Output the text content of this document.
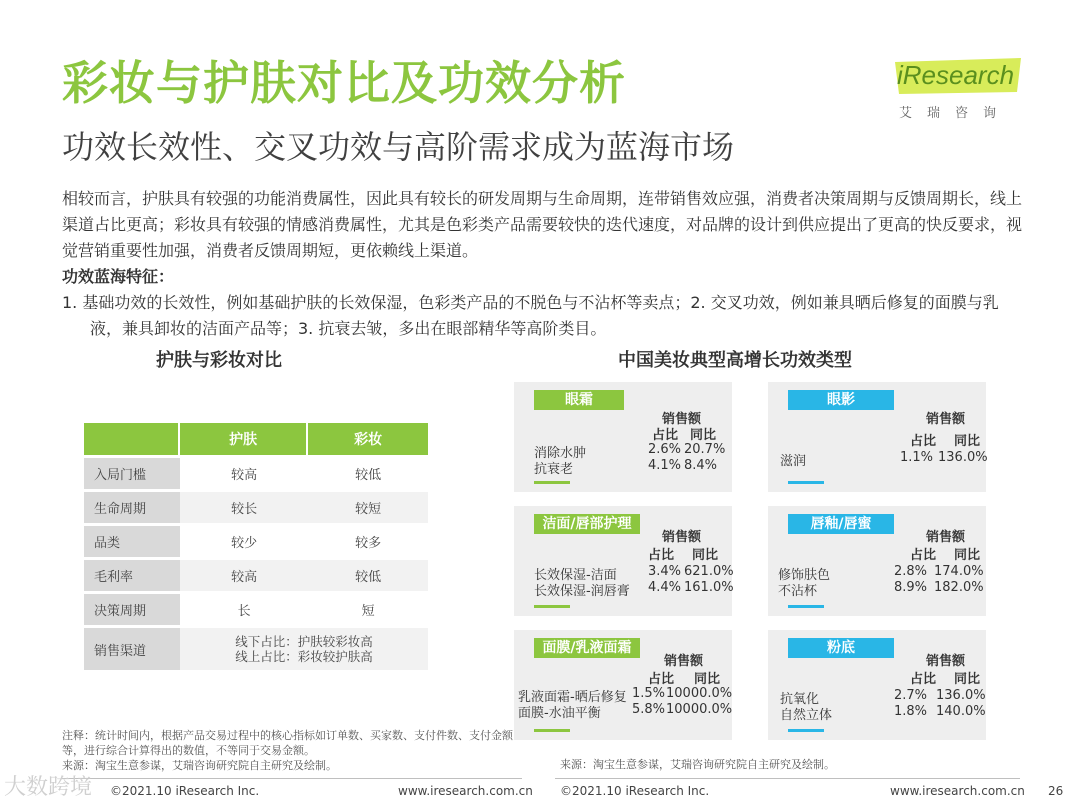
彩妆与护肤对比及功效分析
功效长效性、交叉功效与高阶需求成为蓝海市场
iResearch
艾瑞咨询

相较而言，护肤具有较强的功能消费属性，因此具有较长的研发周期与生命周期，连带销售效应强，消费者决策周期与反馈周期长，线上渠道占比更高；彩妆具有较强的情感消费属性，尤其是色彩类产品需要较快的迭代速度，对品牌的设计到供应提出了更高的快反要求，视觉营销重要性加强，消费者反馈周期短，更依赖线上渠道。

功效蓝海特征：

1. 基础功效的长效性，例如基础护肤的长效保湿，色彩类产品的不脱色与不沾杯等卖点；2. 交叉功效，例如兼具晒后修复的面膜与乳液，兼具卸妆的洁面产品等；3. 抗衰去皱，多出在眼部精华等高阶类目。

护肤与彩妆对比
	护肤	彩妆
入局门槛	较高	较低
生命周期	较长	较短
品类	较少	较多
毛利率	较高	较低
决策周期	长	短
销售渠道	线下占比：护肤较彩妆高
线上占比：彩妆较护肤高	
中国美妆典型高增长功效类型
眼霜
销售额
占比 同比
消除水肿	2.6% 20.7%
抗衰老	4.1% 8.4%
眼影
销售额
占比 同比
滋润	1.1% 136.0%
洁面/唇部护理
销售额
占比 同比
长效保湿-洁面 3.4% 621.0%
长效保湿-润唇膏 4.4% 161.0%
唇釉/唇蜜
销售额
占比 同比
修饰肤色	2.8% 174.0%
不沾杯	8.9% 182.0%
面膜/乳液面霜
销售额
占比 同比
乳液面霜-晒后修复 1.5% 10000.0%
面膜-水油平衡 5.8% 10000.0%
粉底
销售额
占比 同比
抗氧化	2.7% 136.0%
自然立体	1.8% 140.0%
注释：统计时间内，根据产品交易过程中的核心指标如订单数、买家数、支付件数、支付金额等，进行综合计算得出的数值，不等同于交易金额。
来源：淘宝生意参谋，艾瑞咨询研究院自主研究及绘制。	来源：淘宝生意参谋，艾瑞咨询研究院自主研究及绘制。
大数跨境 ©2021.10 iResearch Inc.	www.iresearch.com.cn ©2021.10 iResearch Inc.	www.iresearch.com.cn 26
